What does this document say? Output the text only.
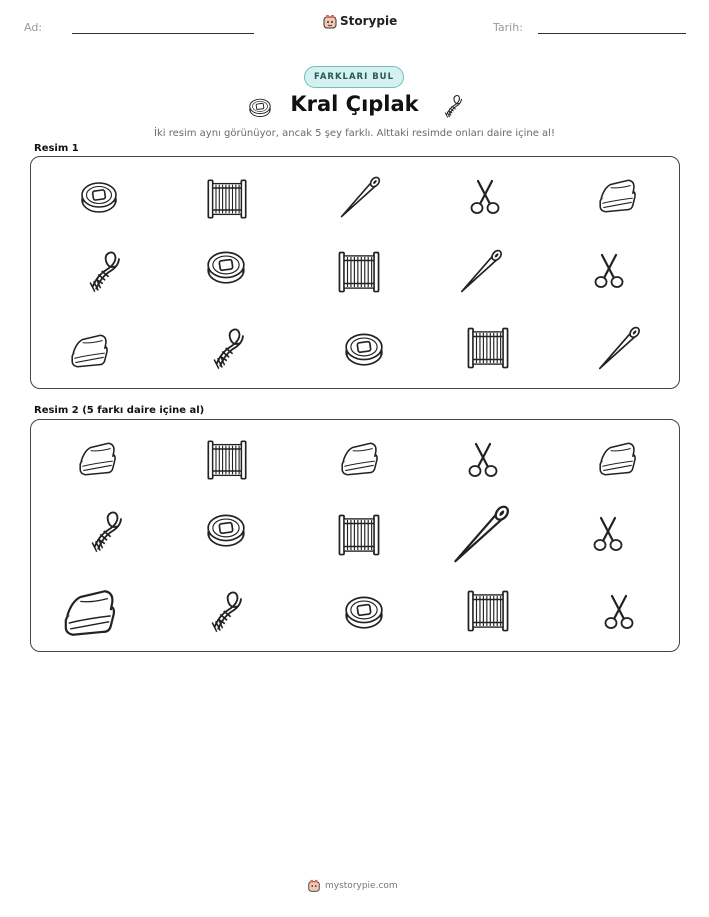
Ad:	Storypie	Tarih:
FARKLARI BUL
Kral Çıplak
İki resim aynı görünüyor, ancak 5 şey farklı. Alttaki resimde onları daire içine al!
Resim 1
Resim 2 (5 farkı daire içine al)
mystorypie.com
